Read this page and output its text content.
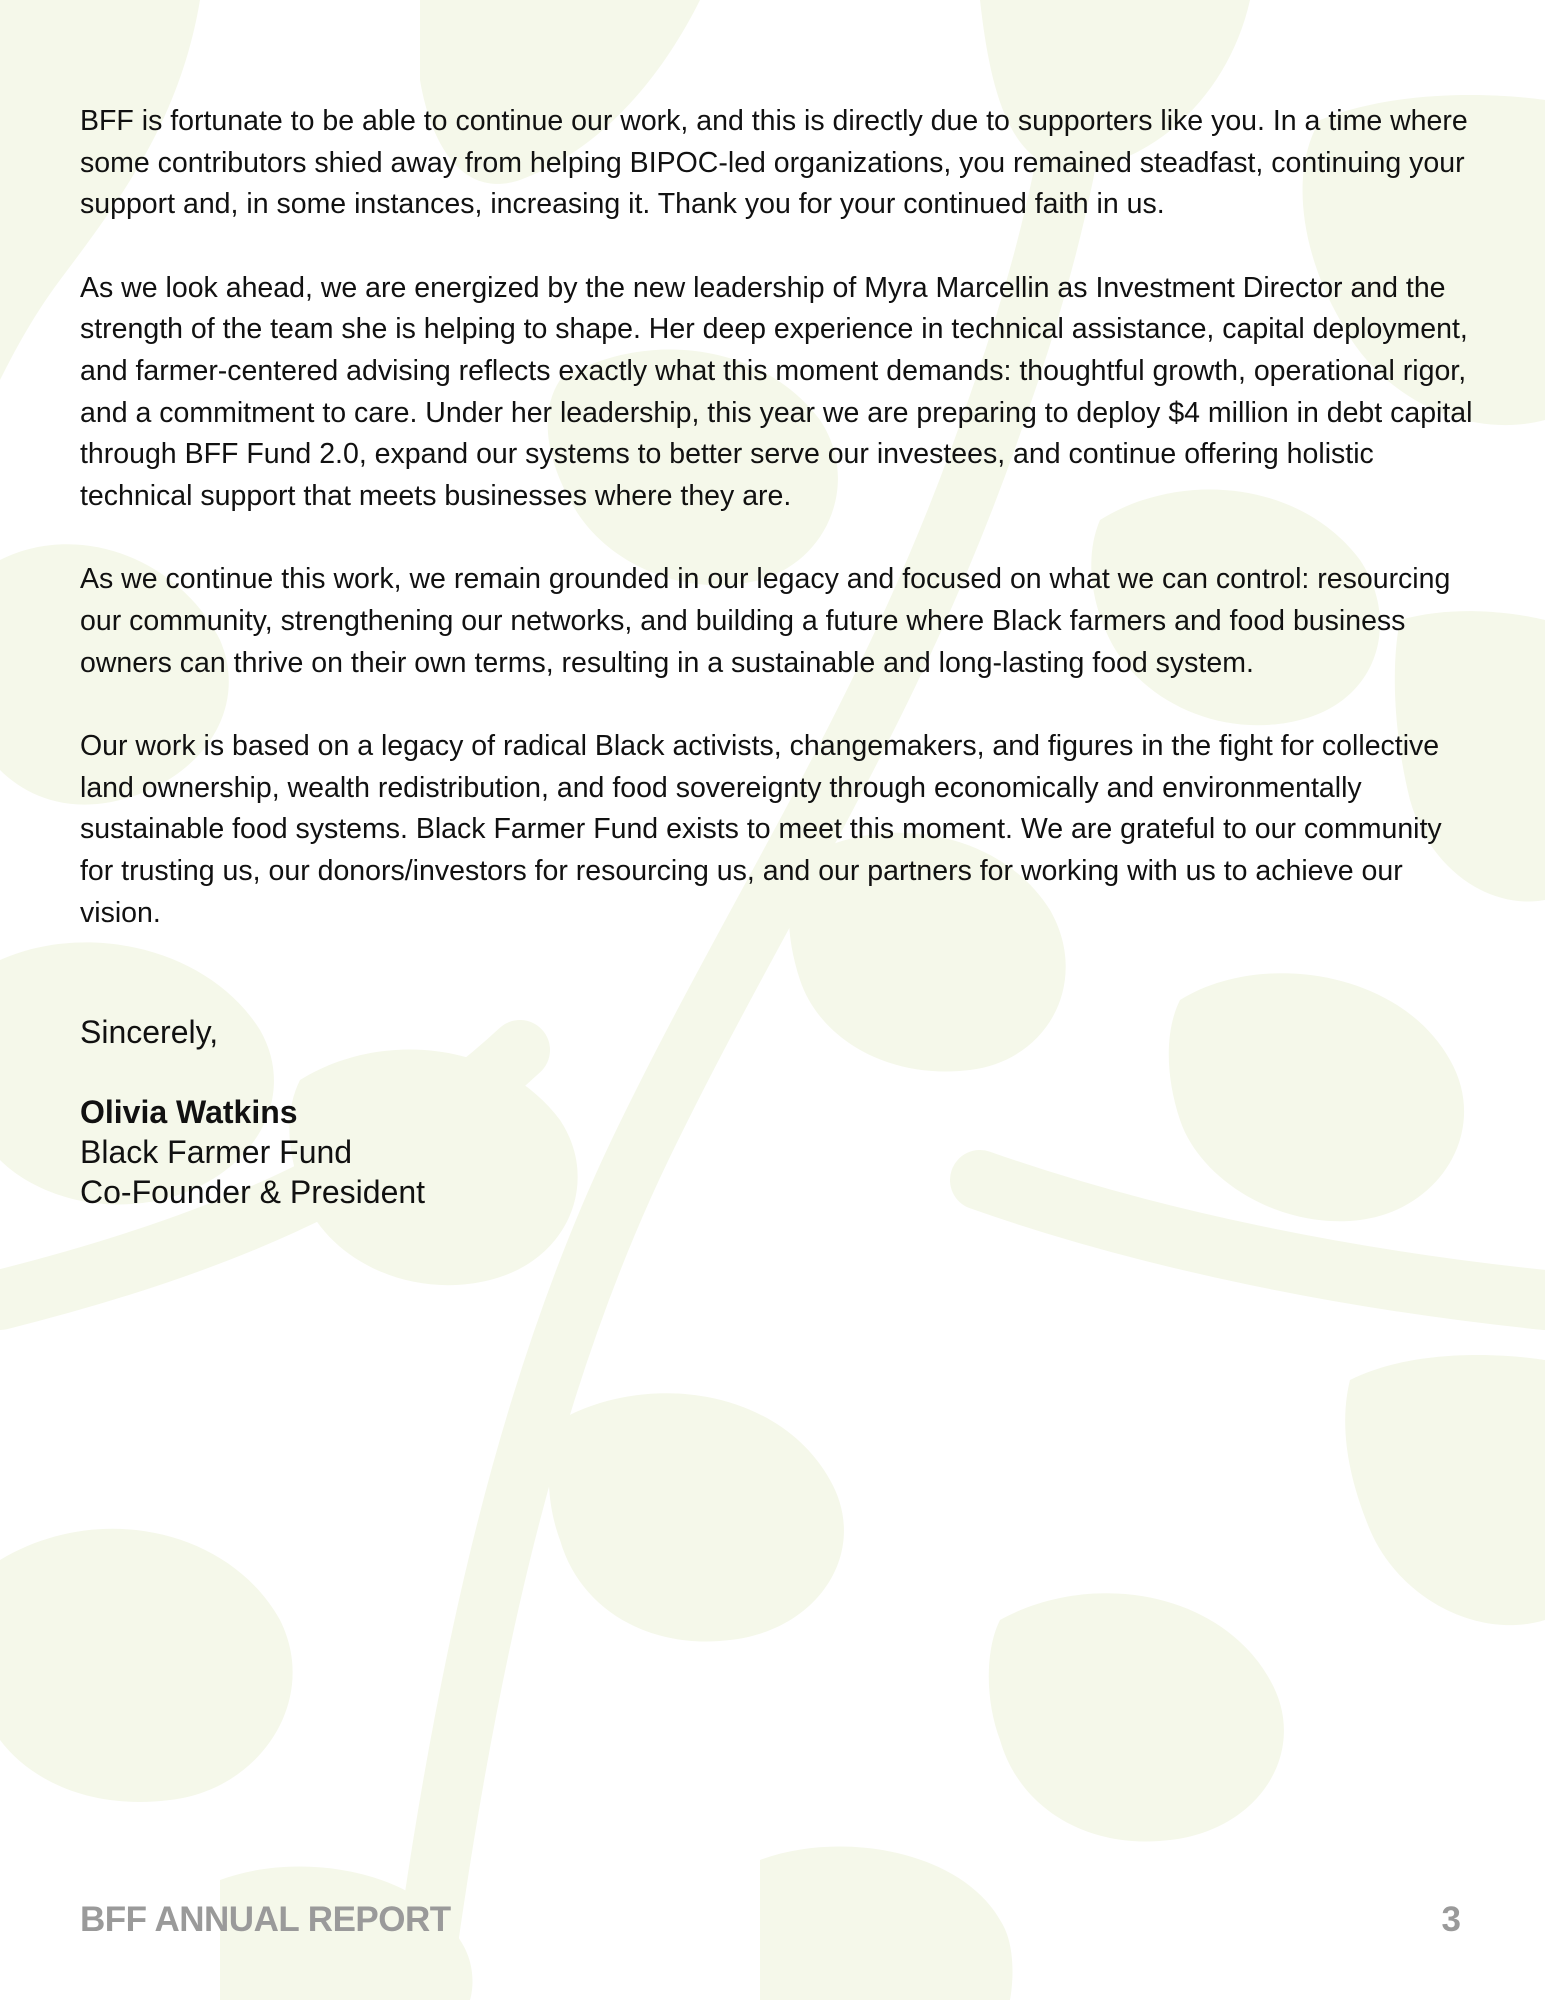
BFF is fortunate to be able to continue our work, and this is directly due to supporters like you. In a time where some contributors shied away from helping BIPOC-led organizations, you remained steadfast, continuing your support and, in some instances, increasing it. Thank you for your continued faith in us.

As we look ahead, we are energized by the new leadership of Myra Marcellin as Investment Director and the strength of the team she is helping to shape. Her deep experience in technical assistance, capital deployment, and farmer-centered advising reflects exactly what this moment demands: thoughtful growth, operational rigor, and a commitment to care. Under her leadership, this year we are preparing to deploy $4 million in debt capital through BFF Fund 2.0, expand our systems to better serve our investees, and continue offering holistic technical support that meets businesses where they are.

As we continue this work, we remain grounded in our legacy and focused on what we can control: resourcing our community, strengthening our networks, and building a future where Black farmers and food business owners can thrive on their own terms, resulting in a sustainable and long-lasting food system.

Our work is based on a legacy of radical Black activists, changemakers, and figures in the fight for collective land ownership, wealth redistribution, and food sovereignty through economically and environmentally sustainable food systems. Black Farmer Fund exists to meet this moment. We are grateful to our community for trusting us, our donors/investors for resourcing us, and our partners for working with us to achieve our vision.

Sincerely,
Olivia Watkins
Black Farmer Fund
Co-Founder & President
BFF ANNUAL REPORT	3
